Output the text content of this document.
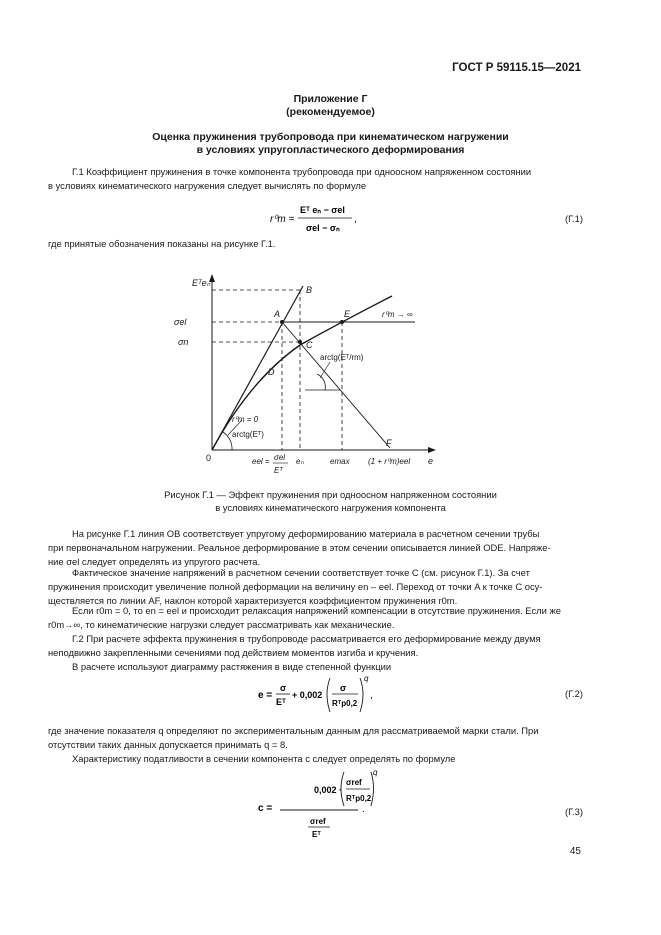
ГОСТ Р 59115.15—2021
Приложение Г
(рекомендуемое)
Оценка пружинения трубопровода при кинематическом нагружении
в условиях упругопластического деформирования
Г.1 Коэффициент пружинения в точке компонента трубопровода при одноосном напряженном состоянии
в условиях кинематического нагружения следует вычислять по формуле
r⁰m =
Eᵀ eₙ − σel
σel − σₙ
,	(Г.1)
где принятые обозначения показаны на рисунке Г.1.
Eᵀeₙ
e
0
A
B
C
D
E
F
σel
σn
r⁰m → ∞
r⁰m = 0
arctg(Eᵀ)
arctg(Eᵀ/rm)
eel = σel
Eᵀ
eₙ	emax (1 + r⁰m)eel
Рисунок Г.1 — Эффект пружинения при одноосном напряженном состоянии
в условиях кинематического нагружения компонента
На рисунке Г.1 линия OB соответствует упругому деформированию материала в расчетном сечении трубы
при первоначальном нагружении. Реальное деформирование в этом сечении описывается линией ODE. Напряже-
ние σel следует определять из упругого расчета.
Фактическое значение напряжений в расчетном сечении соответствует точке C (см. рисунок Г.1). За счет
пружинения происходит увеличение полной деформации на величину en – eel. Переход от точки A к точке C осу-
ществляется по линии AF, наклон которой характеризуется коэффициентом пружинения r0m.
Если r0m = 0, то en = eel и происходит релаксация напряжений компенсации в отсутствие пружинения. Если же
r0m→∞, то кинематические нагрузки следует рассматривать как механические.
Г.2 При расчете эффекта пружинения в трубопроводе рассматривается его деформирование между двумя
неподвижно закрепленными сечениями под действием моментов изгиба и кручения.
В расчете используют диаграмму растяжения в виде степенной функции
e =
σ
Eᵀ
+ 0,002
σ
Rᵀp0,2
q
,	(Г.2)
где значение показателя q определяют по экспериментальным данным для рассматриваемой марки стали. При
отсутствии таких данных допускается принимать q = 8.
Характеристику податливости в сечении компонента с следует определять по формуле
c =
0,002 ·
σref
Rᵀp0,2
q
σref
Eᵀ
.	(Г.3)
45
